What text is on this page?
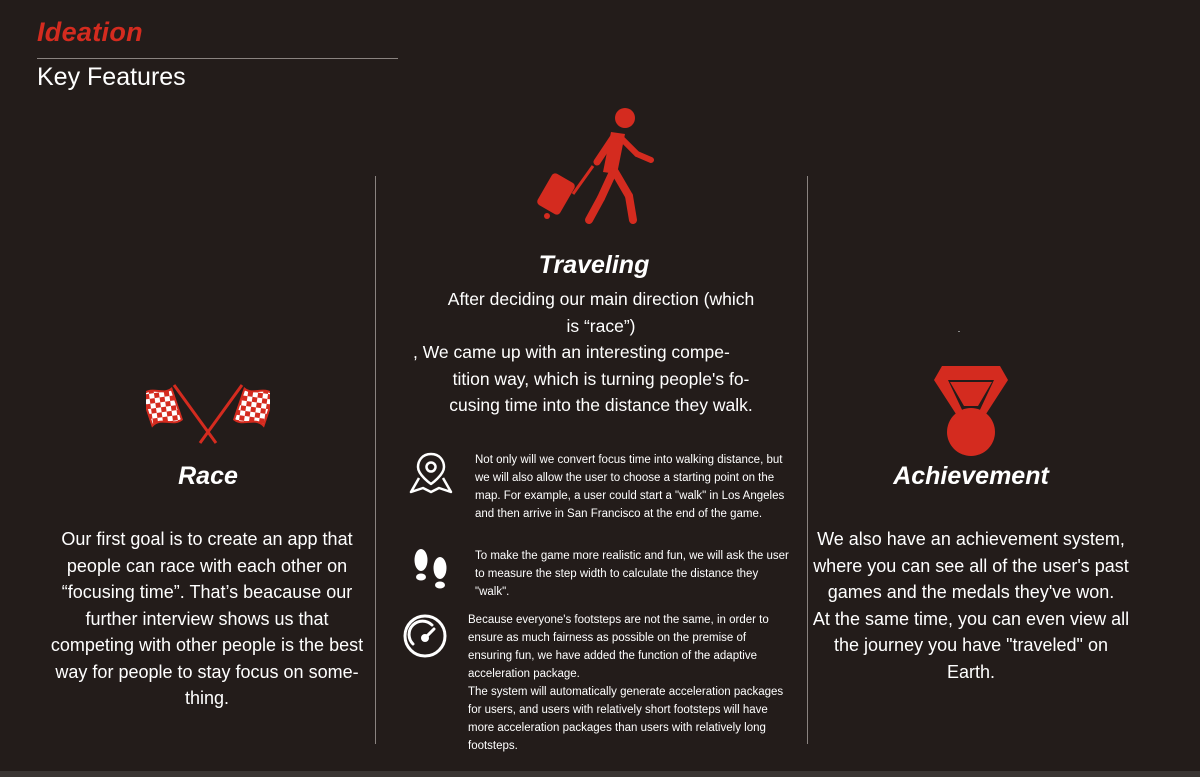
Ideation
Key Features
Race
Our first goal is to create an app that people can race with each other on “focusing time”. That’s beacause our further interview shows us that competing with other people is the best way for people to stay focus on some-thing.
Traveling
After deciding our main direction (which
is “race”)
, We came up with an interesting compe-
tition way, which is turning people's fo-
cusing time into the distance they walk.
Not only will we convert focus time into walking distance, but we will also allow the user to choose a starting point on the map. For example, a user could start a "walk" in Los Angeles and then arrive in San Francisco at the end of the game.
To make the game more realistic and fun, we will ask the user to measure the step width to calculate the distance they "walk".
Because everyone's footsteps are not the same, in order to ensure as much fairness as possible on the premise of ensuring fun, we have added the function of the adaptive acceleration package.
The system will automatically generate acceleration packages for users, and users with relatively short footsteps will have more acceleration packages than users with relatively long footsteps.
Achievement
We also have an achievement system, where you can see all of the user's past games and the medals they've won.
At the same time, you can even view all the journey you have "traveled" on Earth.
